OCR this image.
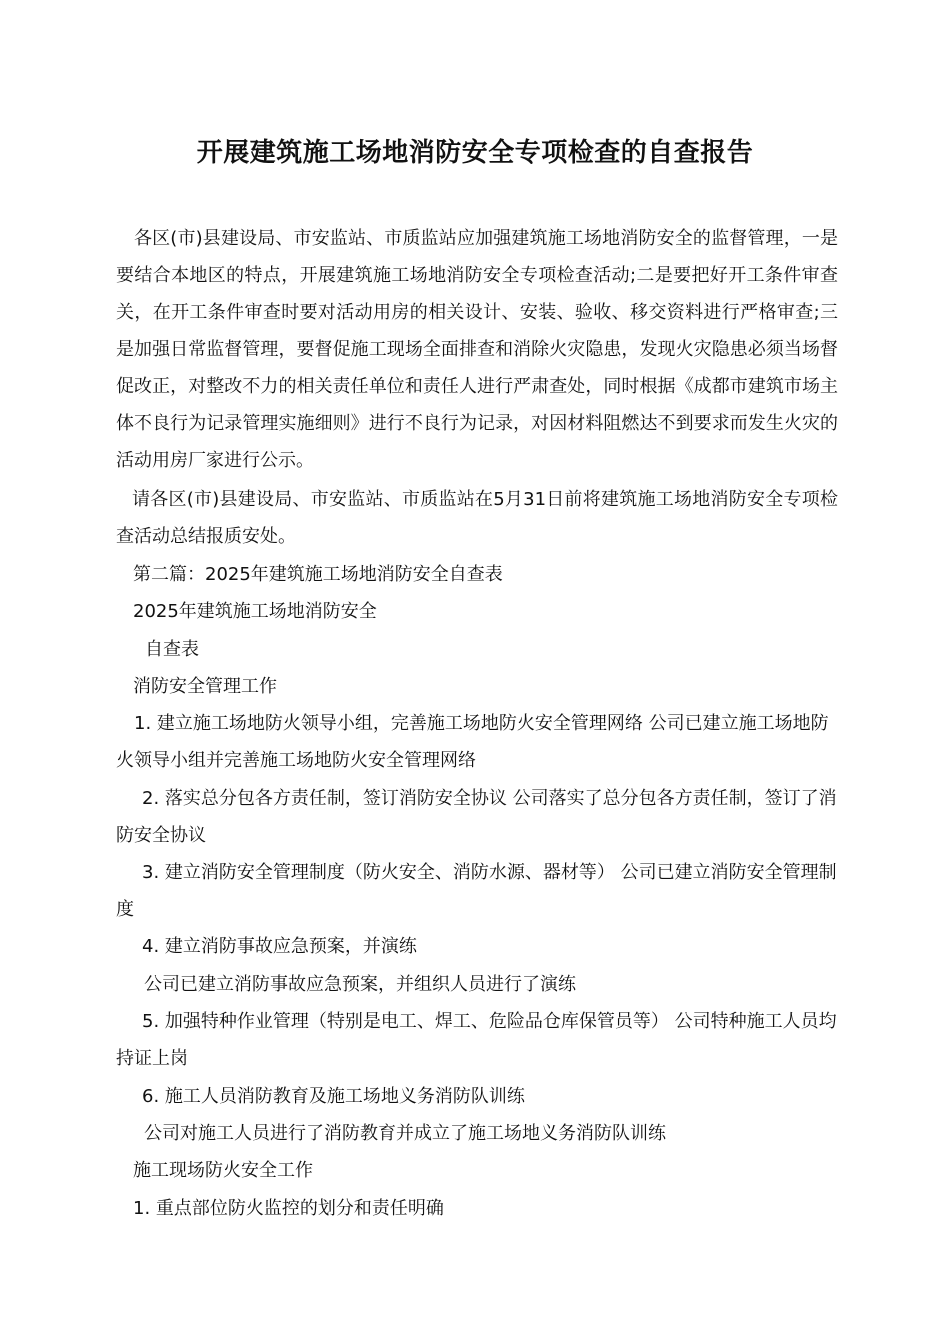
开展建筑施工场地消防安全专项检查的自查报告
各区(市)县建设局、市安监站、市质监站应加强建筑施工场地消防安全的监督管理，一是要结合本地区的特点，开展建筑施工场地消防安全专项检查活动;二是要把好开工条件审查关，在开工条件审查时要对活动用房的相关设计、安装、验收、移交资料进行严格审查;三是加强日常监督管理，要督促施工现场全面排查和消除火灾隐患，发现火灾隐患必须当场督促改正，对整改不力的相关责任单位和责任人进行严肃查处，同时根据《成都市建筑市场主体不良行为记录管理实施细则》进行不良行为记录，对因材料阻燃达不到要求而发生火灾的活动用房厂家进行公示。
请各区(市)县建设局、市安监站、市质监站在5月31日前将建筑施工场地消防安全专项检查活动总结报质安处。
第二篇：2025年建筑施工场地消防安全自查表
2025年建筑施工场地消防安全
自查表
消防安全管理工作
1. 建立施工场地防火领导小组，完善施工场地防火安全管理网络 公司已建立施工场地防火领导小组并完善施工场地防火安全管理网络
2. 落实总分包各方责任制，签订消防安全协议 公司落实了总分包各方责任制，签订了消防安全协议
3. 建立消防安全管理制度（防火安全、消防水源、器材等） 公司已建立消防安全管理制度
4. 建立消防事故应急预案，并演练
公司已建立消防事故应急预案，并组织人员进行了演练
5. 加强特种作业管理（特别是电工、焊工、危险品仓库保管员等） 公司特种施工人员均持证上岗
6. 施工人员消防教育及施工场地义务消防队训练
公司对施工人员进行了消防教育并成立了施工场地义务消防队训练
施工现场防火安全工作
1. 重点部位防火监控的划分和责任明确
